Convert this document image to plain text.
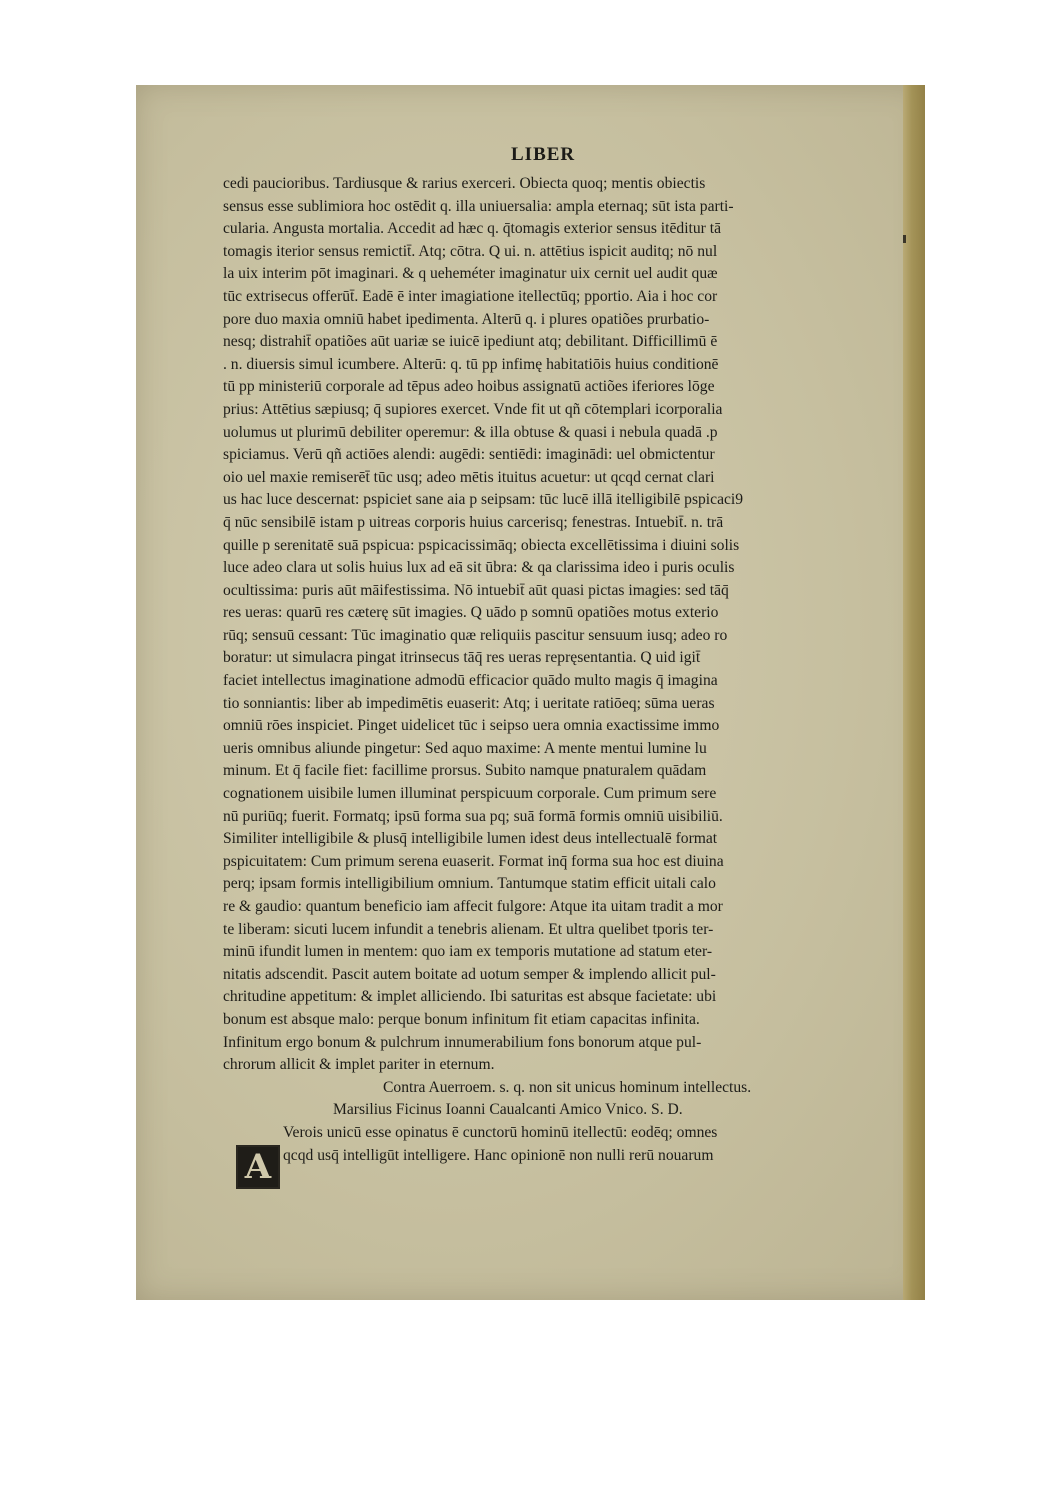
LIBER
cedi paucioribus. Tardiusque & rarius exerceri. Obiecta quoq; mentis obiectis
sensus esse sublimiora hoc ostēdit q. illa uniuersalia: ampla eternaq; sūt ista parti-
cularia. Angusta mortalia. Accedit ad hæc q. q̄tomagis exterior sensus itēditur tā
tomagis iterior sensus remictit̄. Atq; cōtra. Q ui. n. attētius ispicit auditq; nō nul
la uix interim pōt imaginari. & q ueheméter imaginatur uix cernit uel audit quæ
tūc extrisecus offerūt̄. Eadē ē inter imagiatione itellectūq; pportio. Aia i hoc cor
pore duo maxia omniū habet ipedimenta. Alterū q. i plures opatiões prurbatio-
nesq; distrahit̄ opatiões aūt uariæ se iuicē ipediunt atq; debilitant. Difficillimū ē
. n. diuersis simul icumbere. Alterū: q. tū pp infimę habitatiōis huius conditionē
tū pp ministeriū corporale ad tēpus adeo hoibus assignatū actiões iferiores lōge
prius: Attētius sæpiusq; q̄ supiores exercet. Vnde fit ut qñ cōtemplari icorporalia
uolumus ut plurimū debiliter operemur: & illa obtuse & quasi i nebula quadā .p
spiciamus. Verū qñ actiōes alendi: augēdi: sentiēdi: imaginādi: uel obmictentur
oio uel maxie remiserēt̄ tūc usq; adeo mētis ituitus acuetur: ut qcqd cernat clari
us hac luce descernat: pspiciet sane aia p seipsam: tūc lucē illā itelligibilē pspicaci9
q̄ nūc sensibilē istam p uitreas corporis huius carcerisq; fenestras. Intuebit̄. n. trā
quille p serenitatē suā pspicua: pspicacissimāq; obiecta excellētissima i diuini solis
luce adeo clara ut solis huius lux ad eā sit ūbra: & qa clarissima ideo i puris oculis
ocultissima: puris aūt māifestissima. Nō intuebit̄ aūt quasi pictas imagies: sed tāq̄
res ueras: quarū res cæterę sūt imagies. Q uādo p somnū opatiões motus exterio
rūq; sensuū cessant: Tūc imaginatio quæ reliquiis pascitur sensuum iusq; adeo ro
boratur: ut simulacra pingat itrinsecus tāq̄ res ueras repręsentantia. Q uid igit̄
faciet intellectus imaginatione admodū efficacior quādo multo magis q̄ imagina
tio sonniantis: liber ab impedimētis euaserit: Atq; i ueritate ratiōeq; sūma ueras
omniū rōes inspiciet. Pinget uidelicet tūc i seipso uera omnia exactissime immo
ueris omnibus aliunde pingetur: Sed aquo maxime: A mente mentui lumine lu
minum. Et q̄ facile fiet: facillime prorsus. Subito namque pnaturalem quādam
cognationem uisibile lumen illuminat perspicuum corporale. Cum primum sere
nū puriūq; fuerit. Formatq; ipsū forma sua pq; suā formā formis omniū uisibiliū.
Similiter intelligibile & plusq̄ intelligibile lumen idest deus intellectualē format
pspicuitatem: Cum primum serena euaserit. Format inq̄ forma sua hoc est diuina
perq; ipsam formis intelligibilium omnium. Tantumque statim efficit uitali calo
re & gaudio: quantum beneficio iam affecit fulgore: Atque ita uitam tradit a mor
te liberam: sicuti lucem infundit a tenebris alienam. Et ultra quelibet tporis ter-
minū ifundit lumen in mentem: quo iam ex temporis mutatione ad statum eter-
nitatis adscendit. Pascit autem boitate ad uotum semper & implendo allicit pul-
chritudine appetitum: & implet alliciendo. Ibi saturitas est absque facietate: ubi
bonum est absque malo: perque bonum infinitum fit etiam capacitas infinita.
Infinitum ergo bonum & pulchrum innumerabilium fons bonorum atque pul-
chrorum allicit & implet pariter in eternum.
Contra Auerroem. s. q. non sit unicus hominum intellectus.
Marsilius Ficinus Ioanni Caualcanti Amico Vnico. S. D.
Verois unicū esse opinatus ē cunctorū hominū itellectū: eodēq; omnes
qcqd usq̄ intelligūt intelligere. Hanc opinionē non nulli rerū nouarum
A
